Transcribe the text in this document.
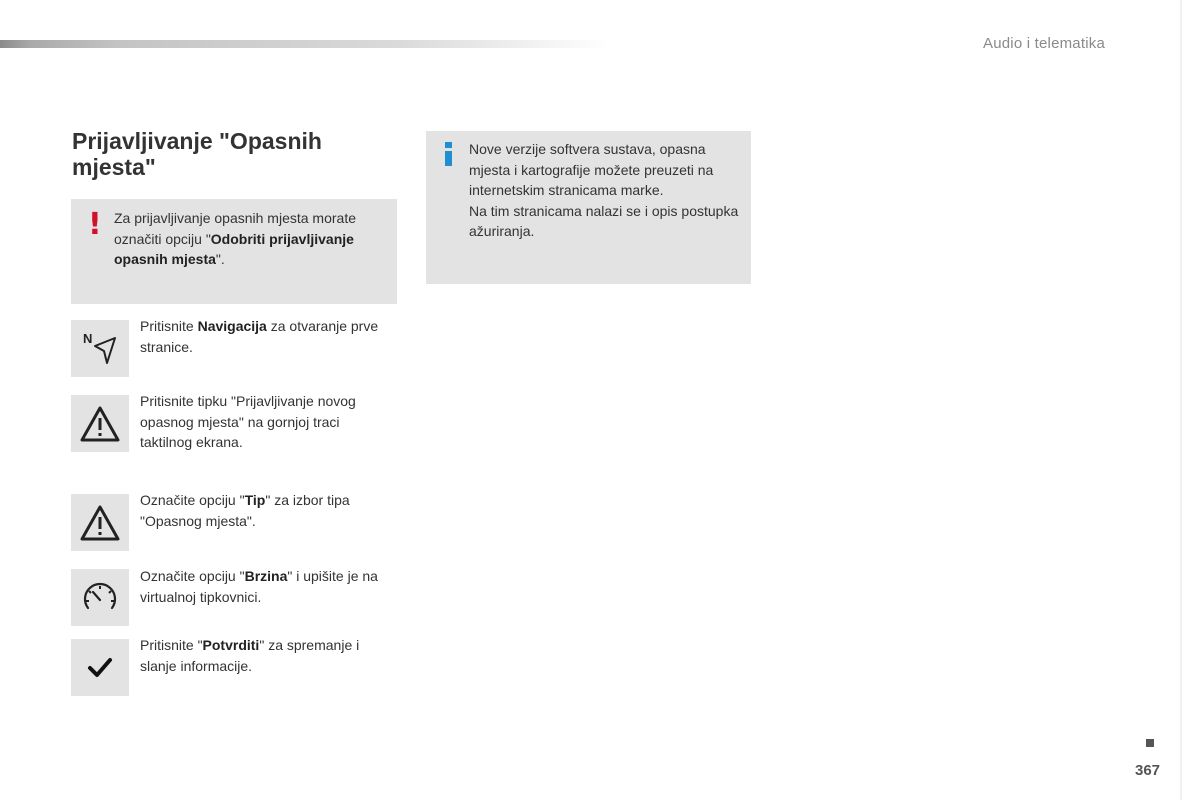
Audio i telematika
Prijavljivanje "Opasnih mjesta"
! Za prijavljivanje opasnih mjesta morate označiti opciju "Odobriti prijavljivanje opasnih mjesta".
Nove verzije softvera sustava, opasna mjesta i kartografije možete preuzeti na internetskim stranicama marke.
Na tim stranicama nalazi se i opis postupka ažuriranja.
N
Pritisnite Navigacija za otvaranje prve stranice.
Pritisnite tipku "Prijavljivanje novog opasnog mjesta" na gornjoj traci taktilnog ekrana.
Označite opciju "Tip" za izbor tipa "Opasnog mjesta".
Označite opciju "Brzina" i upišite je na virtualnoj tipkovnici.
Pritisnite "Potvrditi" za spremanje i slanje informacije.
367
